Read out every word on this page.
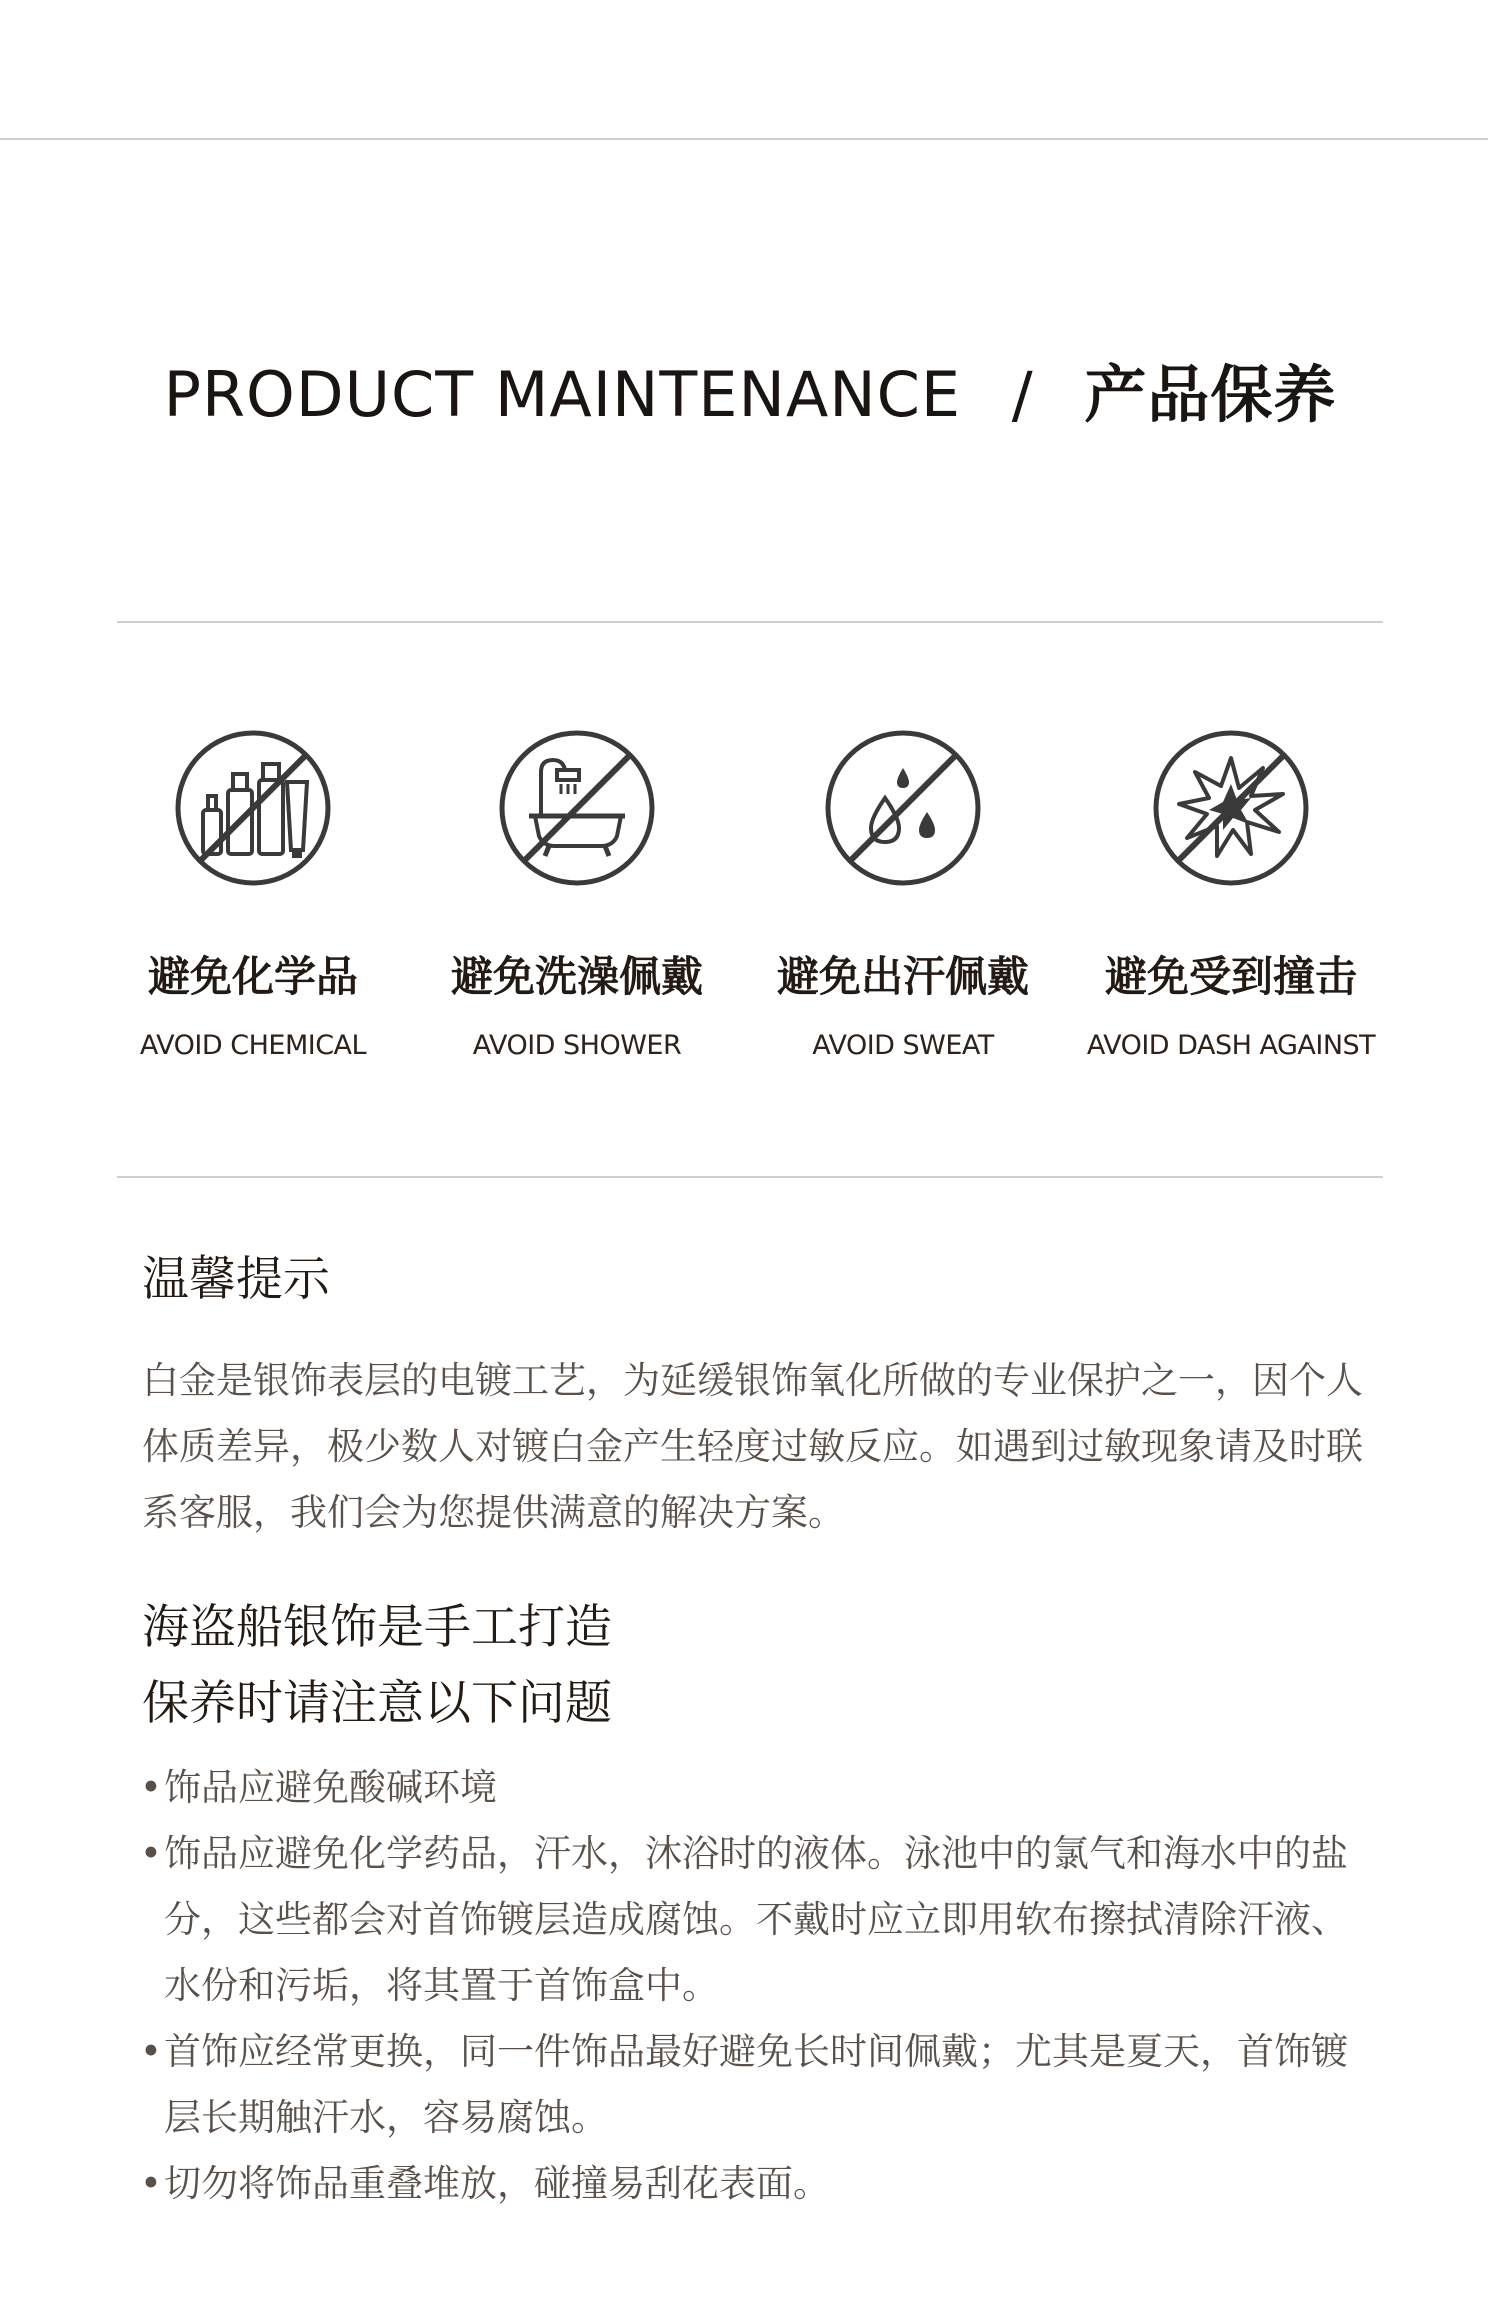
PRODUCT MAINTENANCE / 产品保养
避免化学品
AVOID CHEMICAL
避免洗澡佩戴
AVOID SHOWER
避免出汗佩戴
AVOID SWEAT
避免受到撞击
AVOID DASH AGAINST
温馨提示
白金是银饰表层的电镀工艺，为延缓银饰氧化所做的专业保护之一，因个人体质差异，极少数人对镀白金产生轻度过敏反应。如遇到过敏现象请及时联系客服，我们会为您提供满意的解决方案。
海盗船银饰是手工打造
保养时请注意以下问题
• 饰品应避免酸碱环境
• 饰品应避免化学药品，汗水，沐浴时的液体。泳池中的氯气和海水中的盐分，这些都会对首饰镀层造成腐蚀。不戴时应立即用软布擦拭清除汗液、水份和污垢，将其置于首饰盒中。
• 首饰应经常更换，同一件饰品最好避免长时间佩戴；尤其是夏天，首饰镀层长期触汗水，容易腐蚀。
• 切勿将饰品重叠堆放，碰撞易刮花表面。
